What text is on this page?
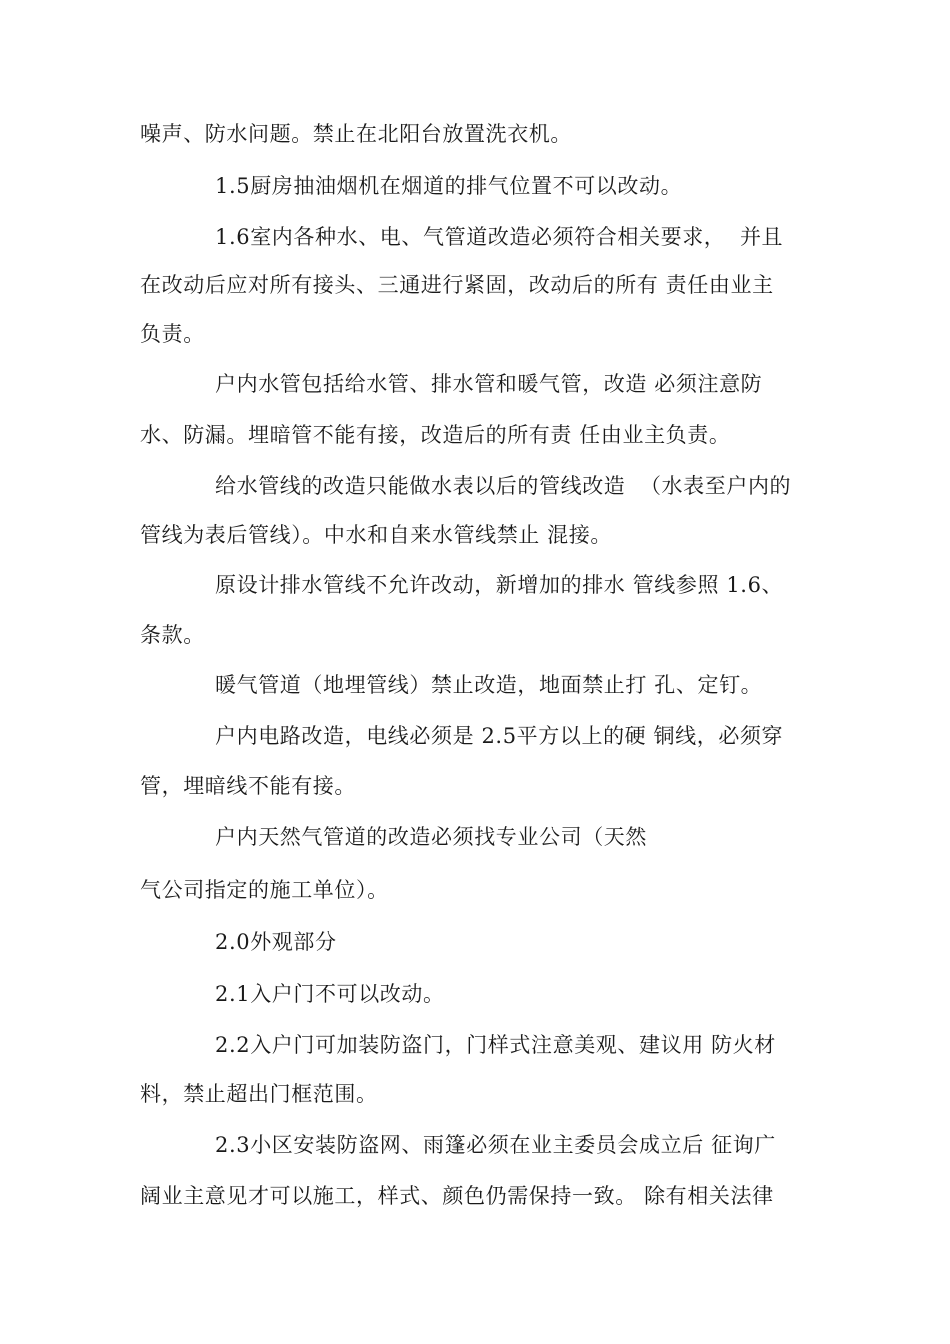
噪声、防水问题。禁止在北阳台放置洗衣机。
1.5厨房抽油烟机在烟道的排气位置不可以改动。
1.6室内各种水、电、气管道改造必须符合相关要求，  并且
在改动后应对所有接头、三通进行紧固，改动后的所有 责任由业主
负责。
户内水管包括给水管、排水管和暖气管，改造 必须注意防
水、防漏。埋暗管不能有接，改造后的所有责 任由业主负责。
给水管线的改造只能做水表以后的管线改造  （水表至户内的
管线为表后管线）。中水和自来水管线禁止 混接。
原设计排水管线不允许改动，新增加的排水 管线参照 1.6、
条款。
暖气管道（地埋管线）禁止改造，地面禁止打 孔、定钉。
户内电路改造，电线必须是 2.5平方以上的硬 铜线，必须穿
管，埋暗线不能有接。
户内天然气管道的改造必须找专业公司（天然
气公司指定的施工单位）。
2.0外观部分
2.1入户门不可以改动。
2.2入户门可加装防盗门，门样式注意美观、建议用 防火材
料，禁止超出门框范围。
2.3小区安装防盗网、雨篷必须在业主委员会成立后 征询广
阔业主意见才可以施工，样式、颜色仍需保持一致。 除有相关法律
